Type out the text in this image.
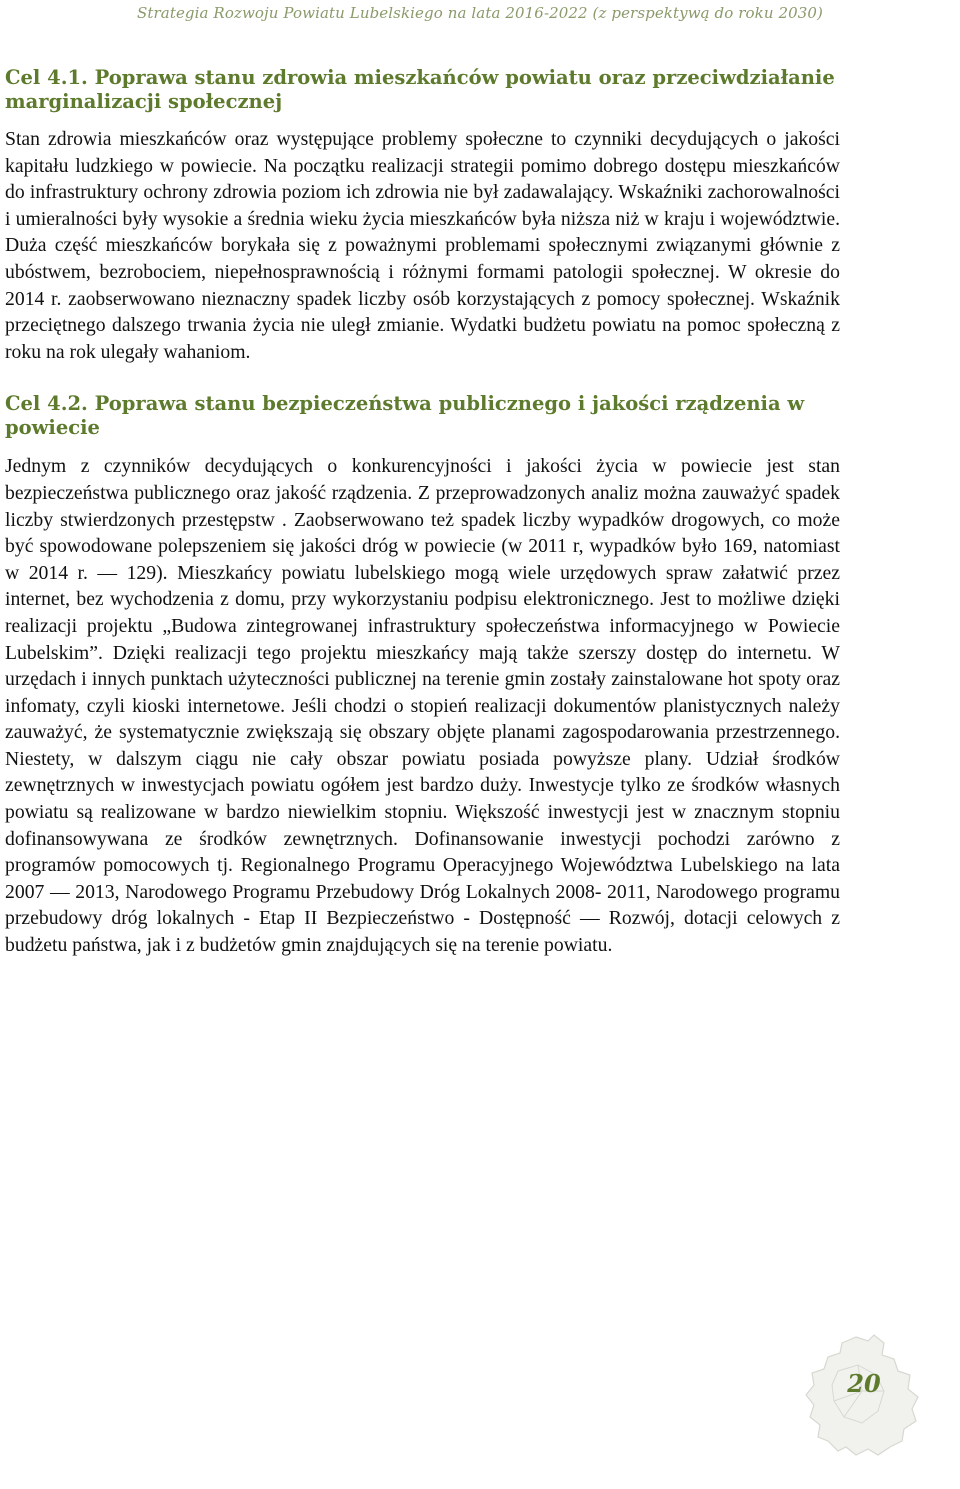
Strategia Rozwoju Powiatu Lubelskiego na lata 2016-2022 (z perspektywą do roku 2030)
Cel 4.1. Poprawa stanu zdrowia mieszkańców powiatu oraz przeciwdziałanie marginalizacji społecznej

Stan zdrowia mieszkańców oraz występujące problemy społeczne to czynniki decydujących o jakości kapitału ludzkiego w powiecie. Na początku realizacji strategii pomimo dobrego dostępu mieszkańców do infrastruktury ochrony zdrowia poziom ich zdrowia nie był zadawalający. Wskaźniki zachorowalności i umieralności były wysokie a średnia wieku życia mieszkańców była niższa niż w kraju i województwie. Duża część mieszkańców borykała się z poważnymi problemami społecznymi związanymi głównie z ubóstwem, bezrobociem, niepełnosprawnością i różnymi formami patologii społecznej. W okresie do 2014 r. zaobserwowano nieznaczny spadek liczby osób korzystających z pomocy społecznej. Wskaźnik przeciętnego dalszego trwania życia nie uległ zmianie. Wydatki budżetu powiatu na pomoc społeczną z roku na rok ulegały wahaniom.

Cel 4.2. Poprawa stanu bezpieczeństwa publicznego i jakości rządzenia w powiecie

Jednym z czynników decydujących o konkurencyjności i jakości życia w powiecie jest stan bezpieczeństwa publicznego oraz jakość rządzenia. Z przeprowadzonych analiz można zauważyć spadek liczby stwierdzonych przestępstw . Zaobserwowano też spadek liczby wypadków drogowych, co może być spowodowane polepszeniem się jakości dróg w powiecie (w 2011 r, wypadków było 169, natomiast w 2014 r. — 129). Mieszkańcy powiatu lubelskiego mogą wiele urzędowych spraw załatwić przez internet, bez wychodzenia z domu, przy wykorzystaniu podpisu elektronicznego. Jest to możliwe dzięki realizacji projektu „Budowa zintegrowanej infrastruktury społeczeństwa informacyjnego w Powiecie Lubelskim”. Dzięki realizacji tego projektu mieszkańcy mają także szerszy dostęp do internetu. W urzędach i innych punktach użyteczności publicznej na terenie gmin zostały zainstalowane hot spoty oraz infomaty, czyli kioski internetowe. Jeśli chodzi o stopień realizacji dokumentów planistycznych należy zauważyć, że systematycznie zwiększają się obszary objęte planami zagospodarowania przestrzennego. Niestety, w dalszym ciągu nie cały obszar powiatu posiada powyższe plany. Udział środków zewnętrznych w inwestycjach powiatu ogółem jest bardzo duży. Inwestycje tylko ze środków własnych powiatu są realizowane w bardzo niewielkim stopniu. Większość inwestycji jest w znacznym stopniu dofinansowywana ze środków zewnętrznych. Dofinansowanie inwestycji pochodzi zarówno z programów pomocowych tj. Regionalnego Programu Operacyjnego Województwa Lubelskiego na lata 2007 — 2013, Narodowego Programu Przebudowy Dróg Lokalnych 2008- 2011, Narodowego programu przebudowy dróg lokalnych - Etap II Bezpieczeństwo - Dostępność — Rozwój, dotacji celowych z budżetu państwa, jak i z budżetów gmin znajdujących się na terenie powiatu.

20
